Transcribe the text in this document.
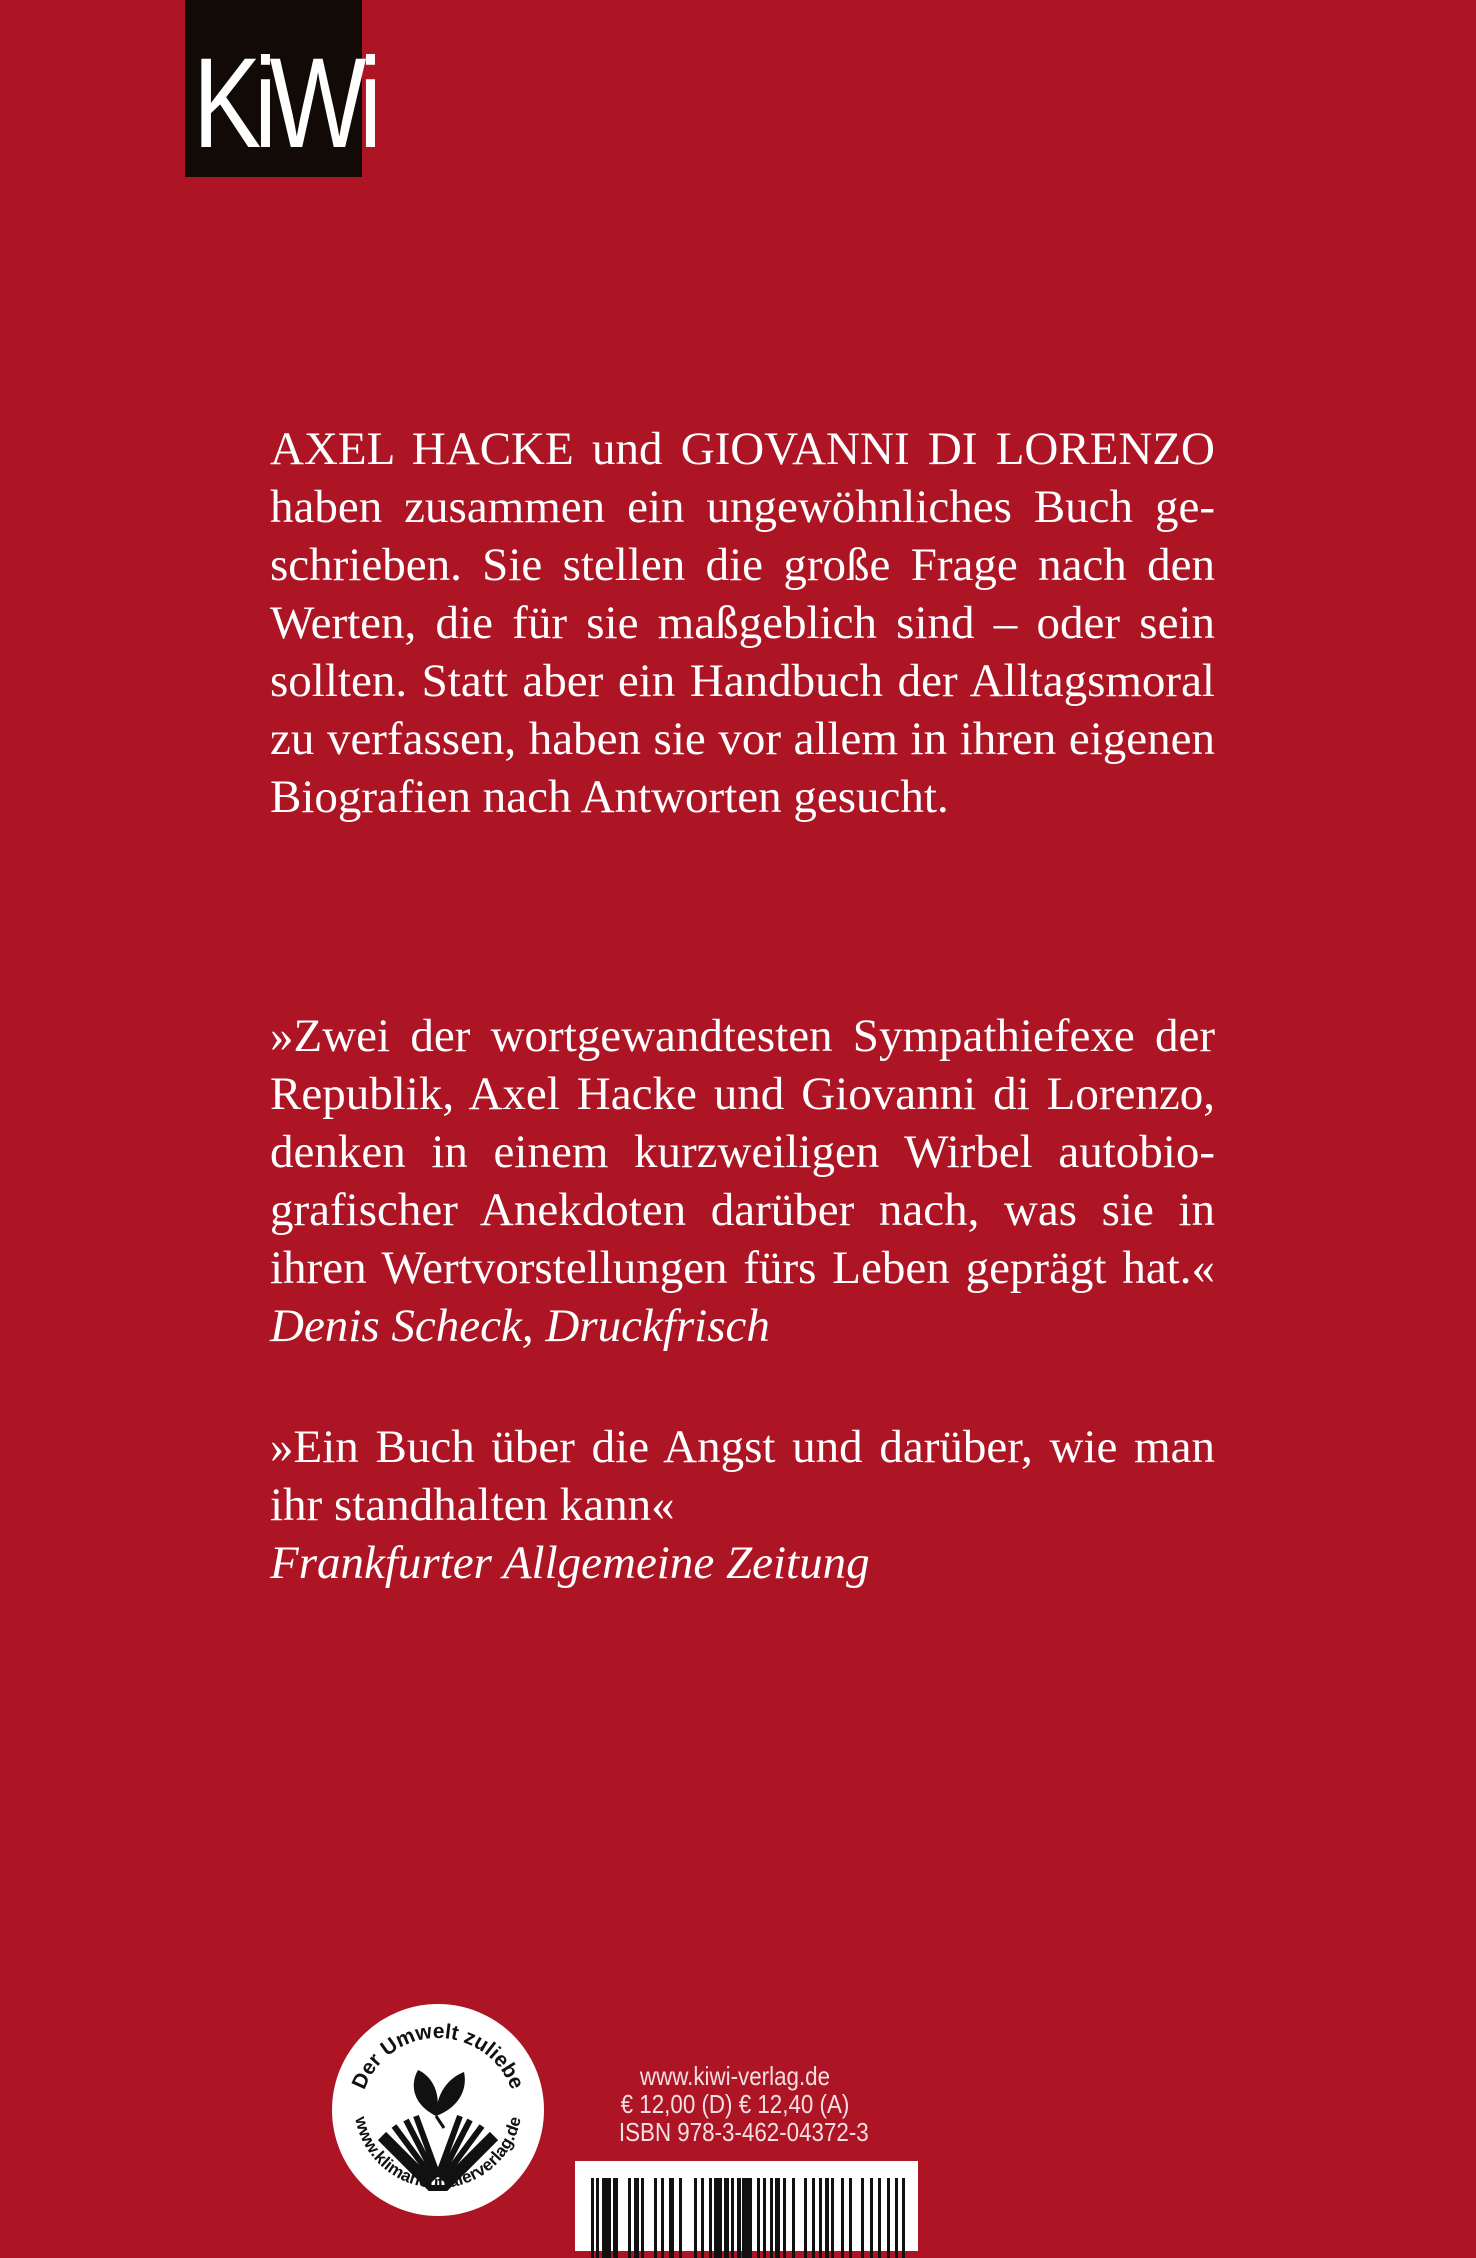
KiWi
AXEL HACKE und GIOVANNI DI LORENZO
haben zusammen ein ungewöhnliches Buch ge-
schrieben. Sie stellen die große Frage nach den
Werten, die für sie maßgeblich sind – oder sein
sollten. Statt aber ein Handbuch der Alltagsmoral
zu verfassen, haben sie vor allem in ihren eigenen
Biografien nach Antworten gesucht.
»Zwei der wortgewandtesten Sympathiefexe der
Republik, Axel Hacke und Giovanni di Lorenzo,
denken in einem kurzweiligen Wirbel autobio-
grafischer Anekdoten darüber nach, was sie in
ihren Wertvorstellungen fürs Leben geprägt hat.«
Denis Scheck, Druckfrisch
»Ein Buch über die Angst und darüber, wie man
ihr standhalten kann«
Frankfurter Allgemeine Zeitung
Der Umwelt zuliebe
www.klimaneutralerverlag.de
www.kiwi-verlag.de
€ 12,00 (D) € 12,40 (A)
ISBN 978-3-462-04372-3
